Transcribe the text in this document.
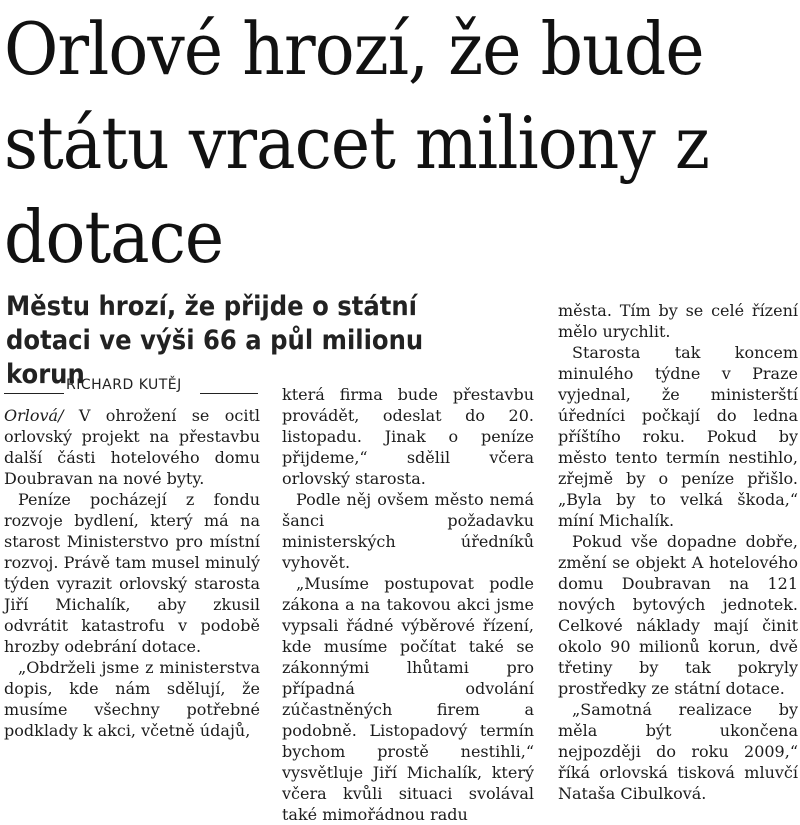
Orlové hrozí, že bude státu vracet miliony z dotace
Městu hrozí, že přijde o státní dotaci ve výši 66 a půl milionu korun
RICHARD KUTĚJ

Orlová/ V ohrožení se ocitl orlovský projekt na přestavbu další části hotelového domu Doubravan na nové byty.

Peníze pocházejí z fondu rozvoje bydlení, který má na starost Ministerstvo pro místní rozvoj. Právě tam musel minulý týden vyrazit orlovský starosta Jiří Michalík, aby zkusil odvrátit katastrofu v podobě hrozby odebrání dotace.

„Obdrželi jsme z ministerstva dopis, kde nám sdělují, že musíme všechny potřebné podklady k akci, včetně údajů,

která firma bude přestavbu provádět, odeslat do 20. listopadu. Jinak o peníze přijdeme,“ sdělil včera orlovský starosta.

Podle něj ovšem město nemá šanci požadavku ministerských úředníků vyhovět.

„Musíme postupovat podle zákona a na takovou akci jsme vypsali řádné výběrové řízení, kde musíme počítat také se zákonnými lhůtami pro případná odvolání zúčastněných firem a podobně. Listopadový termín bychom prostě nestihli,“ vysvětluje Jiří Michalík, který včera kvůli situaci svolával také mimořádnou radu

města. Tím by se celé řízení mělo urychlit.

Starosta tak koncem minulého týdne v Praze vyjednal, že ministerští úředníci počkají do ledna příštího roku. Pokud by město tento termín nestihlo, zřejmě by o peníze přišlo. „Byla by to velká škoda,“ míní Michalík.

Pokud vše dopadne dobře, změní se objekt A hotelového domu Doubravan na 121 nových bytových jednotek. Celkové náklady mají činit okolo 90 milionů korun, dvě třetiny by tak pokryly prostředky ze státní dotace.

„Samotná realizace by měla být ukončena nejpozději do roku 2009,“ říká orlovská tisková mluvčí Nataša Cibulková.
